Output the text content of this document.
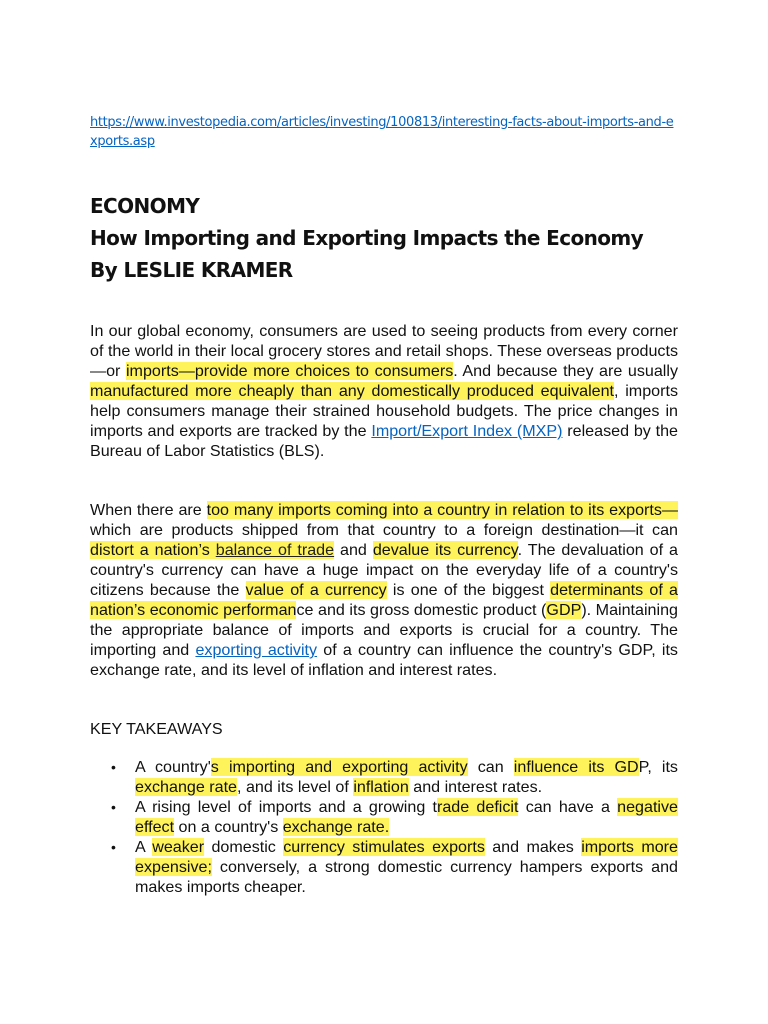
https://www.investopedia.com/articles/investing/100813/interesting-facts-about-imports-and-exports.asp
ECONOMY
How Importing and Exporting Impacts the Economy
By LESLIE KRAMER

In our global economy, consumers are used to seeing products from every corner of the world in their local grocery stores and retail shops. These overseas products—or imports—provide more choices to consumers. And because they are usually manufactured more cheaply than any domestically produced equivalent, imports help consumers manage their strained household budgets. The price changes in imports and exports are tracked by the Import/Export Index (MXP) released by the Bureau of Labor Statistics (BLS).

When there are too many imports coming into a country in relation to its exports—which are products shipped from that country to a foreign destination—it can distort a nation’s balance of trade and devalue its currency. The devaluation of a country's currency can have a huge impact on the everyday life of a country's citizens because the value of a currency is one of the biggest determinants of a nation’s economic performance and its gross domestic product (GDP). Maintaining the appropriate balance of imports and exports is crucial for a country. The importing and exporting activity of a country can influence the country's GDP, its exchange rate, and its level of inflation and interest rates.

KEY TAKEAWAYS
• A country's importing and exporting activity can influence its GDP, its exchange rate, and its level of inflation and interest rates.
• A rising level of imports and a growing trade deficit can have a negative effect on a country's exchange rate.
• A weaker domestic currency stimulates exports and makes imports more expensive; conversely, a strong domestic currency hampers exports and makes imports cheaper.
